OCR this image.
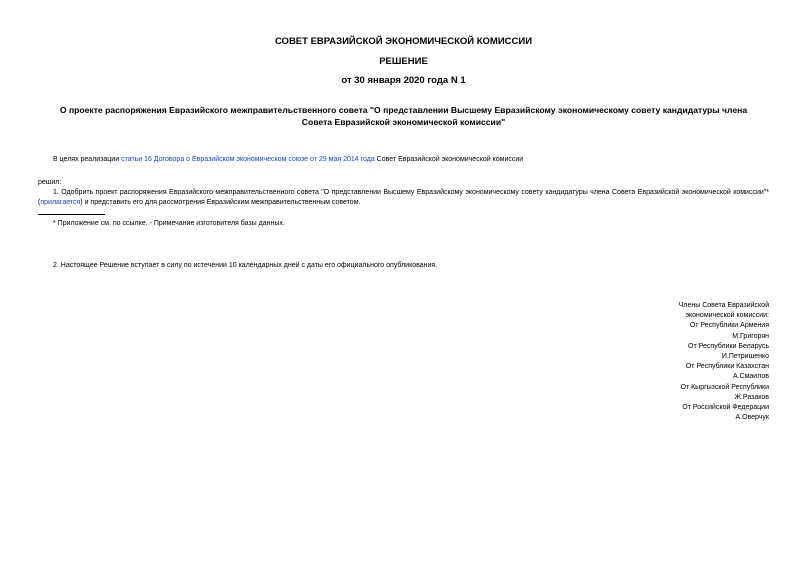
СОВЕТ ЕВРАЗИЙСКОЙ ЭКОНОМИЧЕСКОЙ КОМИССИИ
РЕШЕНИЕ
от 30 января 2020 года N 1
О проекте распоряжения Евразийского межправительственного совета "О представлении Высшему Евразийскому экономическому совету кандидатуры члена
Совета Евразийской экономической комиссии"
В целях реализации статьи 16 Договора о Евразийском экономическом союзе от 29 мая 2014 года Совет Евразийской экономической комиссии
решил:
1. Одобрить проект распоряжения Евразийского межправительственного совета "О представлении Высшему Евразийскому экономическому совету кандидатуры члена Совета Евразийской экономической комиссии"* (прилагается) и представить его для рассмотрения Евразийским межправительственным советом.
* Приложение см. по ссылке. - Примечание изготовителя базы данных.
2. Настоящее Решение вступает в силу по истечении 10 календарных дней с даты его официального опубликования.
Члены Совета Евразийской
экономической комиссии:
От Республики Армения
М.Григорян
От Республики Беларусь
И.Петришенко
От Республики Казахстан
А.Смаилов
От Кыргызской Республики
Ж.Разаков
От Российской Федерации
А.Оверчук
